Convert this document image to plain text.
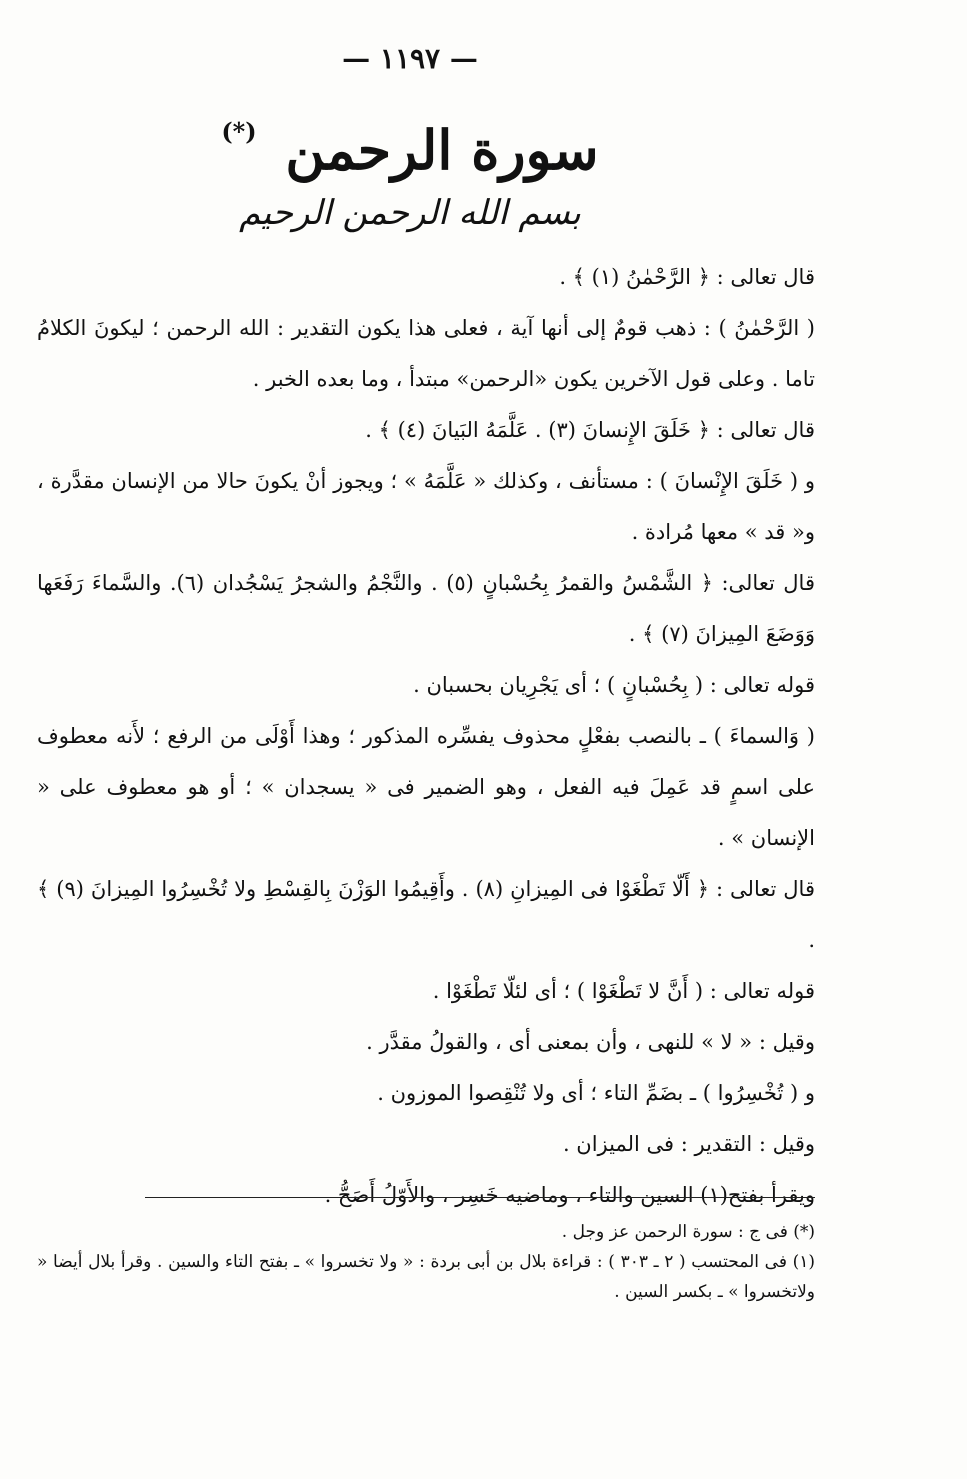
— ١١٩٧ —
سورة الرحمن (*)
بسم الله الرحمن الرحيم

قال تعالى : ﴿ الرَّحْمٰنُ (١) ﴾ .

( الرَّحْمٰنُ ) : ذهب قومٌ إلى أنها آية ، فعلى هذا يكون التقدير : الله الرحمن ؛ ليكونَ الكلامُ تاما . وعلى قول الآخرين يكون «الرحمن» مبتدأ ، وما بعده الخبر .

قال تعالى : ﴿ خَلَقَ الإِنسانَ (٣) . عَلَّمَهُ البَيانَ (٤) ﴾ .

و ( خَلَقَ الإِنْسانَ ) : مستأنف ، وكذلك « عَلَّمَهُ » ؛ ويجوز أنْ يكونَ حالا من الإنسان مقدَّرة ، و« قد » معها مُرادة .

قال تعالى: ﴿ الشَّمْسُ والقمرُ بِحُسْبانٍ (٥) . والنَّجْمُ والشجرُ يَسْجُدان (٦). والسَّماءَ رَفَعَها وَوَضَعَ المِيزانَ (٧) ﴾ .

قوله تعالى : ( بِحُسْبانٍ ) ؛ أى يَجْرِيان بحسبان .

( وَالسماءَ ) ـ بالنصب بفعْلٍ محذوف يفسِّره المذكور ؛ وهذا أَوْلَى من الرفع ؛ لأَنه معطوف على اسمٍ قد عَمِلَ فيه الفعل ، وهو الضمير فى « يسجدان » ؛ أو هو معطوف على « الإنسان » .

قال تعالى : ﴿ أَلّا تَطْغَوْا فى المِيزانِ (٨) . وأَقِيمُوا الوَزْنَ بِالقِسْطِ ولا تُخْسِرُوا المِيزانَ (٩) ﴾ .

قوله تعالى : ( أَنَّ لا تَطْغَوْا ) ؛ أى لئلّا تَطْغَوْا .

وقيل : « لا » للنهى ، وأن بمعنى أى ، والقولُ مقدَّر .

و ( تُخْسِرُوا ) ـ بضَمِّ التاء ؛ أى ولا تُنْقِصوا الموزون .

وقيل : التقدير : فى الميزان .

ويقرأ بفتح(١) السين والتاء ، وماضيه خَسِر ، والأَوّلُ أَصَحُّ .

(*) فى ج : سورة الرحمن عز وجل .

(١) فى المحتسب ( ٢ ـ ٣٠٣ ) : قراءة بلال بن أبى بردة : « ولا تخسروا » ـ بفتح التاء والسين . وقرأ بلال أيضا « ولاتخسروا » ـ بكسر السين .
